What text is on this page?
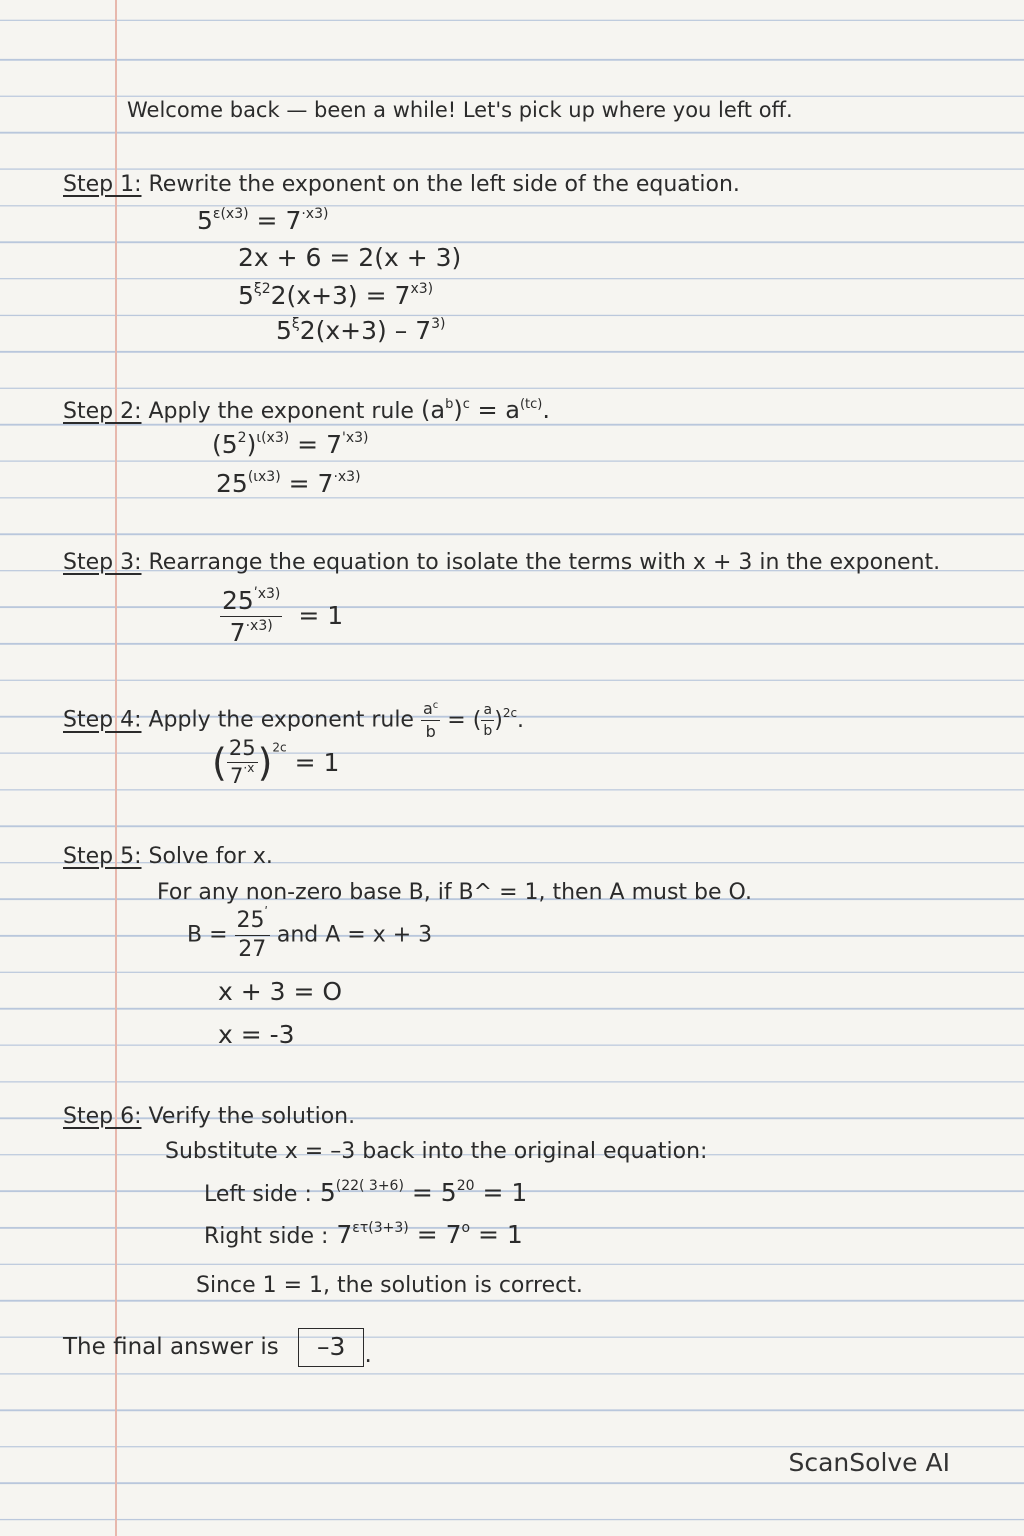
Welcome back — been a while! Let's pick up where you left off.
Step 1: Rewrite the exponent on the left side of the equation.
$5^{\varepsilon(x3)} = 7^{\cdot x3)}$
2x + 6 = 2(x + 3)
$5^{\xi 2}2(x+3) = 7^{x3)}$
$5^\xi 2(x+3) - 7^{3)}$
Step 2: Apply the exponent rule $(a^b)^c = a^{(tc)}$.
$(5^2)^{\iota(x3)} = 7^{'x3)}$
$25^{(\iota x3)} = 7^{\cdot x3)}$
Step 3: Rearrange the equation to isolate the terms with x + 3 in the exponent.
$\frac{25^{ʹx3)}}{7^{\cdot x3)}} = 1$
Step 4: Apply the exponent rule $\frac{a^c}{b}$ = ( $\frac{a}{b} )^{2c}$.
( $\frac{25}{7^{\cdot x}} )^{2c} = 1$
Step 5: Solve for x.
For any non-zero base B, if B^ = 1, then A must be O.
$B = \frac{25^ʹ}{27}$ and A = x + 3
x + 3 = O
x = -3
Step 6: Verify the solution.
Substitute x = –3 back into the original equation:
Left side : $5^{(22( 3+6)} = 5^{20} = 1$
Right side : $7^{\varepsilon\tau(3+3)} = 7^o = 1$
Since 1 = 1, the solution is correct.
The final answer is –3 .
ScanSolve AI
